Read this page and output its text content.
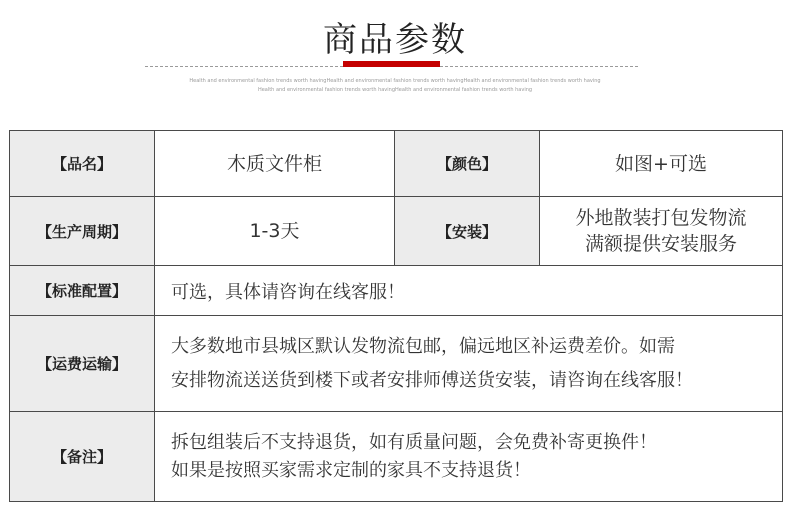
商品参数
Health and environmental fashion trends worth havingHealth and environmental fashion trends worth havingHealth and environmental fashion trends worth having
Health and environmental fashion trends worth havingHealth and environmental fashion trends worth having
【品名】	木质文件柜	【颜色】	如图+可选
【生产周期】	1-3天	【安装】	外地散装打包发物流
满额提供安装服务

【标准配置】	可选，具体请咨询在线客服！		
【运费运输】	大多数地市县城区默认发物流包邮，偏远地区补运费差价。如需
安排物流送送货到楼下或者安排师傅送货安装，请咨询在线客服！		

【备注】	拆包组装后不支持退货，如有质量问题，会免费补寄更换件！
如果是按照买家需求定制的家具不支持退货！		
